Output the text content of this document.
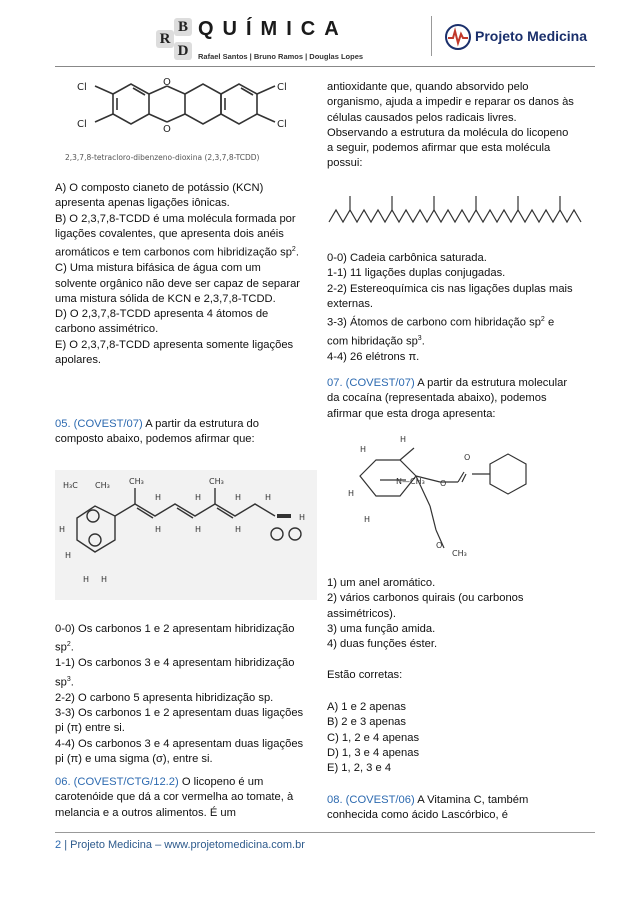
R
B
D
QUÍMICA
Rafael Santos | Bruno Ramos | Douglas Lopes
Projeto Medicina
Cl
Cl
Cl
Cl
O
O
2,3,7,8-tetracloro-dibenzeno-dioxina (2,3,7,8-TCDD)

A) O composto cianeto de potássio (KCN)
apresenta apenas ligações iônicas.

B) O 2,3,7,8-TCDD é uma molécula formada por
ligações covalentes, que apresenta dois anéis
aromáticos e tem carbonos com hibridização $sp^2$.

C) Uma mistura bifásica de água com um
solvente orgânico não deve ser capaz de separar
uma mistura sólida de KCN e 2,3,7,8-TCDD.

D) O 2,3,7,8-TCDD apresenta 4 átomos de
carbono assimétrico.

E) O 2,3,7,8-TCDD apresenta somente ligações
apolares.

05. (COVEST/07) A partir da estrutura do
composto abaixo, podemos afirmar que:
H₃C CH₃ CH₃	CH₃
H	H	H	H
H	H	H
H
H
H
H H
0-0) Os carbonos 1 e 2 apresentam hibridização
$sp^2$.
1-1) Os carbonos 3 e 4 apresentam hibridização
$sp^3$.
2-2) O carbono 5 apresenta hibridização sp.
3-3) Os carbonos 1 e 2 apresentam duas ligações
pi (π) entre si.
4-4) Os carbonos 3 e 4 apresentam duas ligações
pi (π) e uma sigma (σ), entre si.
06. (COVEST/CTG/12.2) O licopeno é um
carotenóide que dá a cor vermelha ao tomate, à
melancia e a outros alimentos. É um
antioxidante que, quando absorvido pelo
organismo, ajuda a impedir e reparar os danos às
células causados pelos radicais livres.
Observando a estrutura da molécula do licopeno
a seguir, podemos afirmar que esta molécula
possui:
0-0) Cadeia carbônica saturada.
1-1) 11 ligações duplas conjugadas.
2-2) Estereoquímica cis nas ligações duplas mais
externas.
3-3) Átomos de carbono com hibridação $sp^2$ e
com hibridação $sp^3$.
4-4) 26 elétrons π.
07. (COVEST/07) A partir da estrutura molecular
da cocaína (representada abaixo), podemos
afirmar que esta droga apresenta:
N—CH₃ O
O
O
CH₃
H
H
H
H
1) um anel aromático.
2) vários carbonos quirais (ou carbonos
assimétricos).
3) uma função amida.
4) duas funções éster.
Estão corretas:
A) 1 e 2 apenas
B) 2 e 3 apenas
C) 1, 2 e 4 apenas
D) 1, 3 e 4 apenas
E) 1, 2, 3 e 4
08. (COVEST/06) A Vitamina C, também
conhecida como ácido Lascórbico, é
2 | Projeto Medicina – www.projetomedicina.com.br
